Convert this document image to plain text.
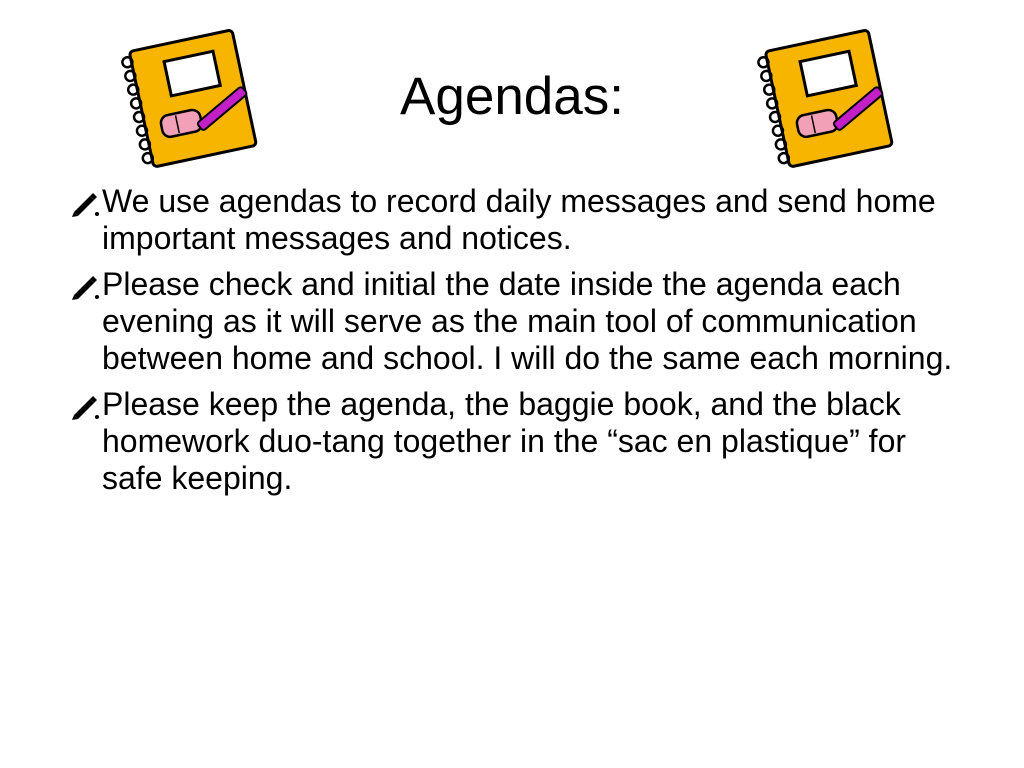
Agendas:
We use agendas to record daily messages and send home important messages and notices.
Please check and initial the date inside the agenda each evening as it will serve as the main tool of communication between home and school. I will do the same each morning.
Please keep the agenda, the baggie book, and the black homework duo-tang together in the “sac en plastique” for safe keeping.
